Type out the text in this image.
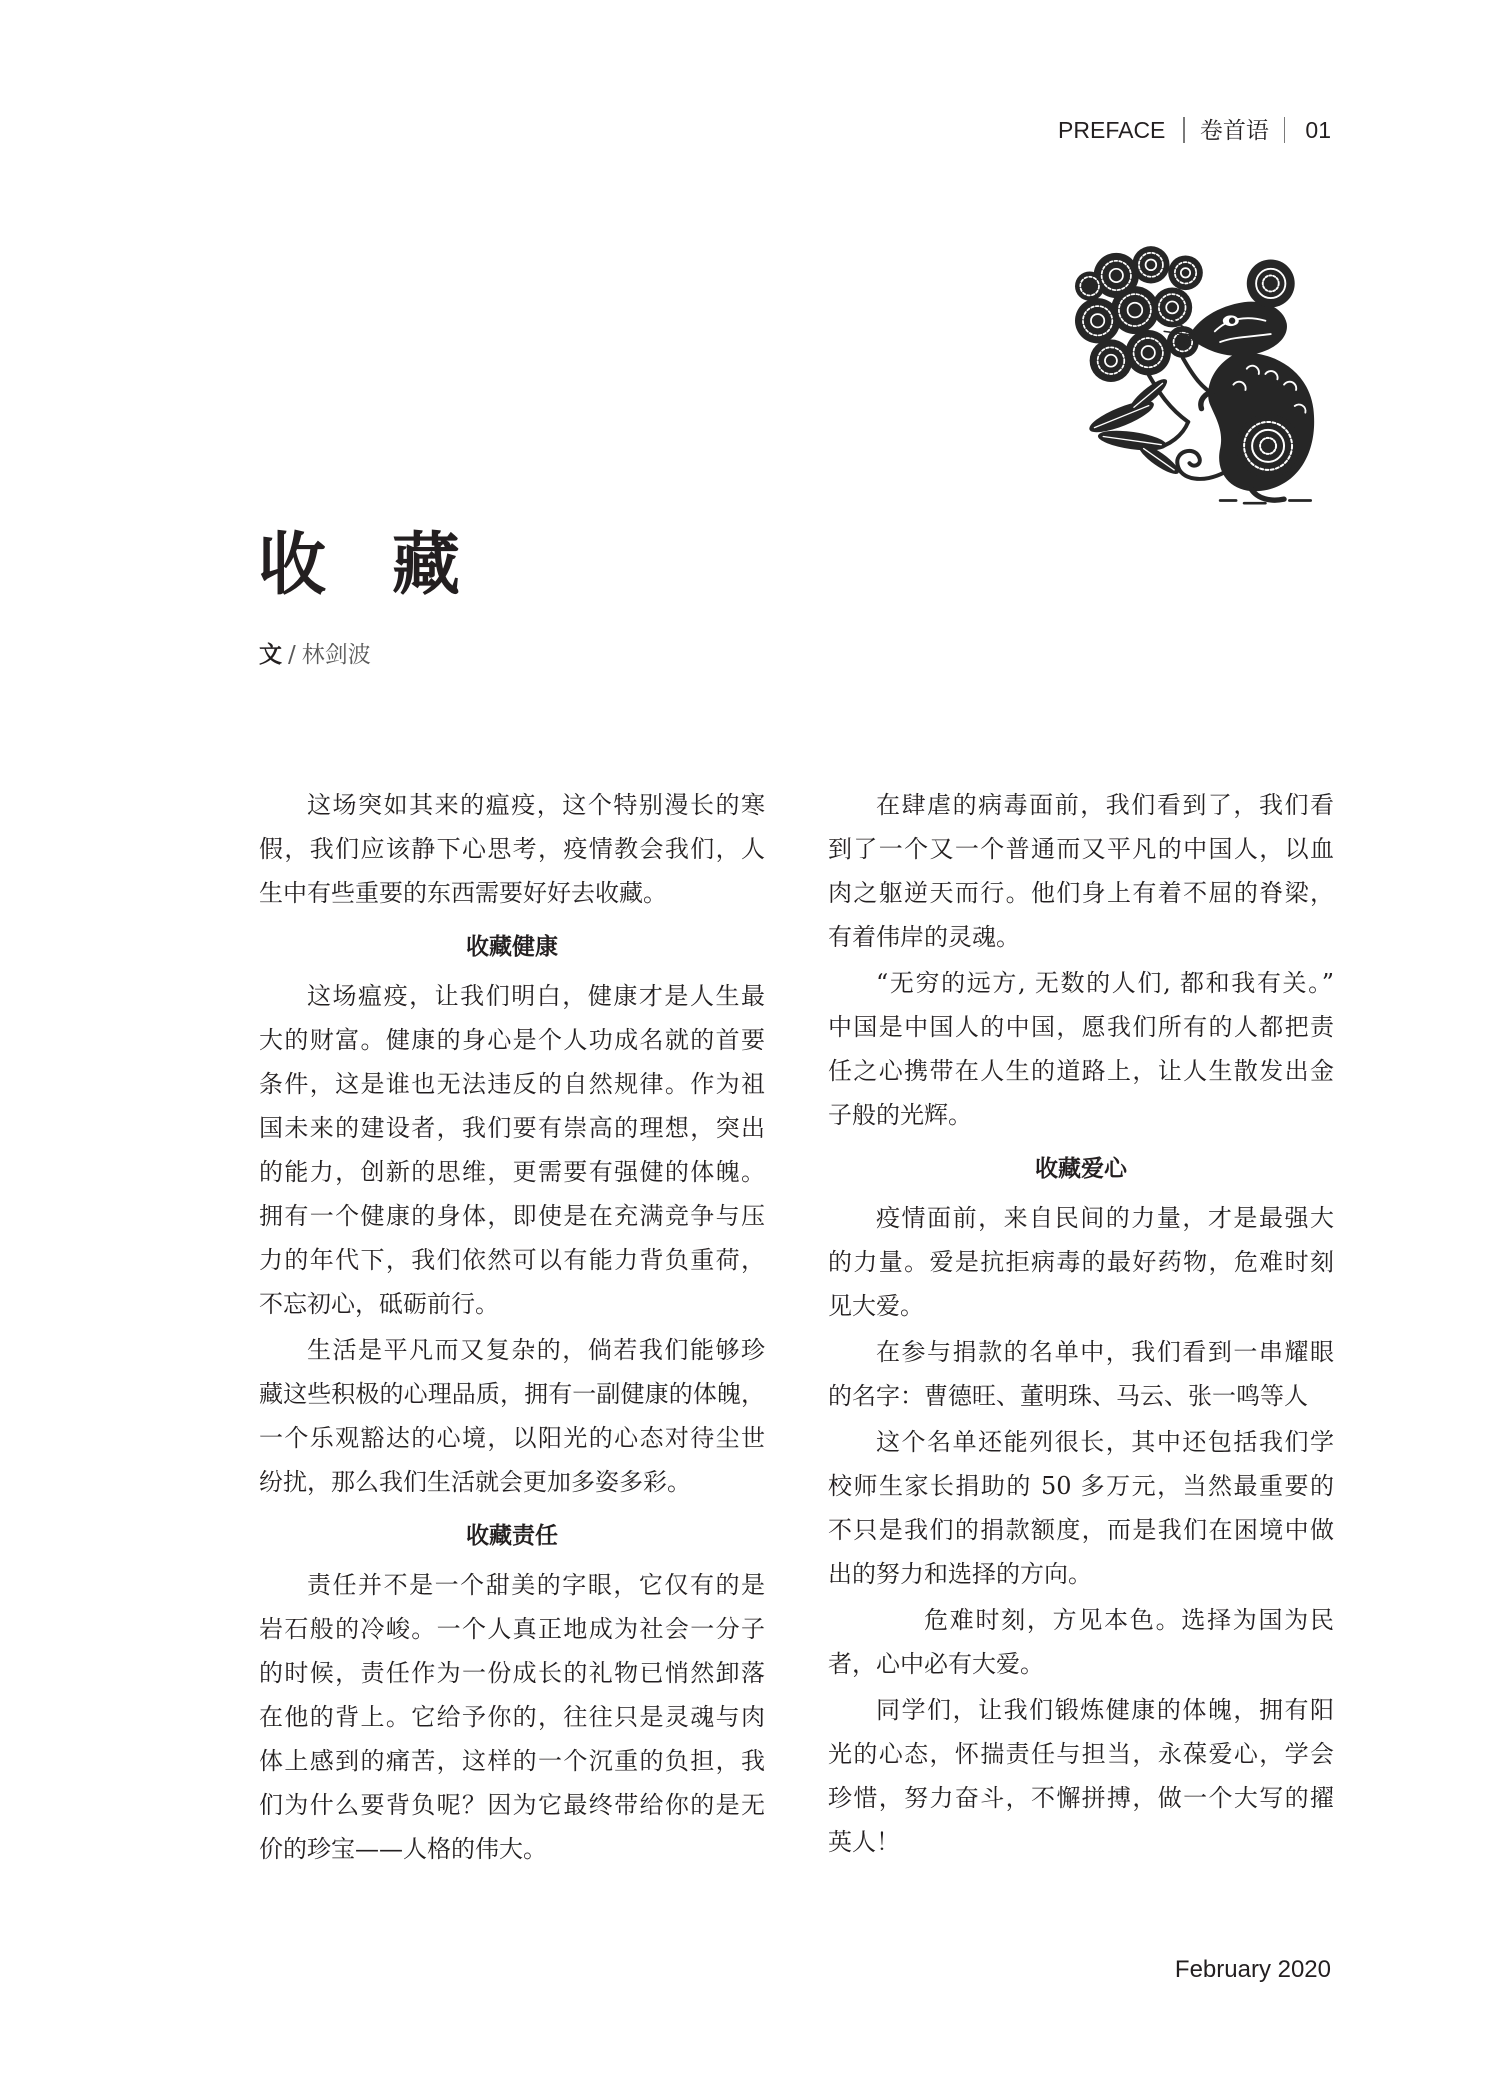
PREFACE 卷首语 01
收藏
文 / 林剑波
这场突如其来的瘟疫，这个特别漫长的寒
假，我们应该静下心思考，疫情教会我们，人
生中有些重要的东西需要好好去收藏。
收藏健康
这场瘟疫，让我们明白，健康才是人生最
大的财富。健康的身心是个人功成名就的首要
条件，这是谁也无法违反的自然规律。作为祖
国未来的建设者，我们要有崇高的理想，突出
的能力，创新的思维，更需要有强健的体魄。
拥有一个健康的身体，即使是在充满竞争与压
力的年代下，我们依然可以有能力背负重荷，
不忘初心，砥砺前行。
生活是平凡而又复杂的，倘若我们能够珍
藏这些积极的心理品质，拥有一副健康的体魄，
一个乐观豁达的心境，以阳光的心态对待尘世
纷扰，那么我们生活就会更加多姿多彩。
收藏责任
责任并不是一个甜美的字眼，它仅有的是
岩石般的冷峻。一个人真正地成为社会一分子
的时候，责任作为一份成长的礼物已悄然卸落
在他的背上。它给予你的，往往只是灵魂与肉
体上感到的痛苦，这样的一个沉重的负担，我
们为什么要背负呢？因为它最终带给你的是无
价的珍宝——人格的伟大。
在肆虐的病毒面前，我们看到了，我们看
到了一个又一个普通而又平凡的中国人，以血
肉之躯逆天而行。他们身上有着不屈的脊梁，
有着伟岸的灵魂。
“无穷的远方, 无数的人们, 都和我有关。”
中国是中国人的中国，愿我们所有的人都把责
任之心携带在人生的道路上，让人生散发出金
子般的光辉。
收藏爱心
疫情面前，来自民间的力量，才是最强大
的力量。爱是抗拒病毒的最好药物，危难时刻
见大爱。
在参与捐款的名单中，我们看到一串耀眼
的名字：曹德旺、董明珠、马云、张一鸣等人
这个名单还能列很长，其中还包括我们学
校师生家长捐助的 50 多万元，当然最重要的
不只是我们的捐款额度，而是我们在困境中做
出的努力和选择的方向。
危难时刻，方见本色。选择为国为民
者，心中必有大爱。
同学们，让我们锻炼健康的体魄，拥有阳
光的心态，怀揣责任与担当，永葆爱心，学会
珍惜，努力奋斗，不懈拼搏，做一个大写的擢
英人！
February 2020
